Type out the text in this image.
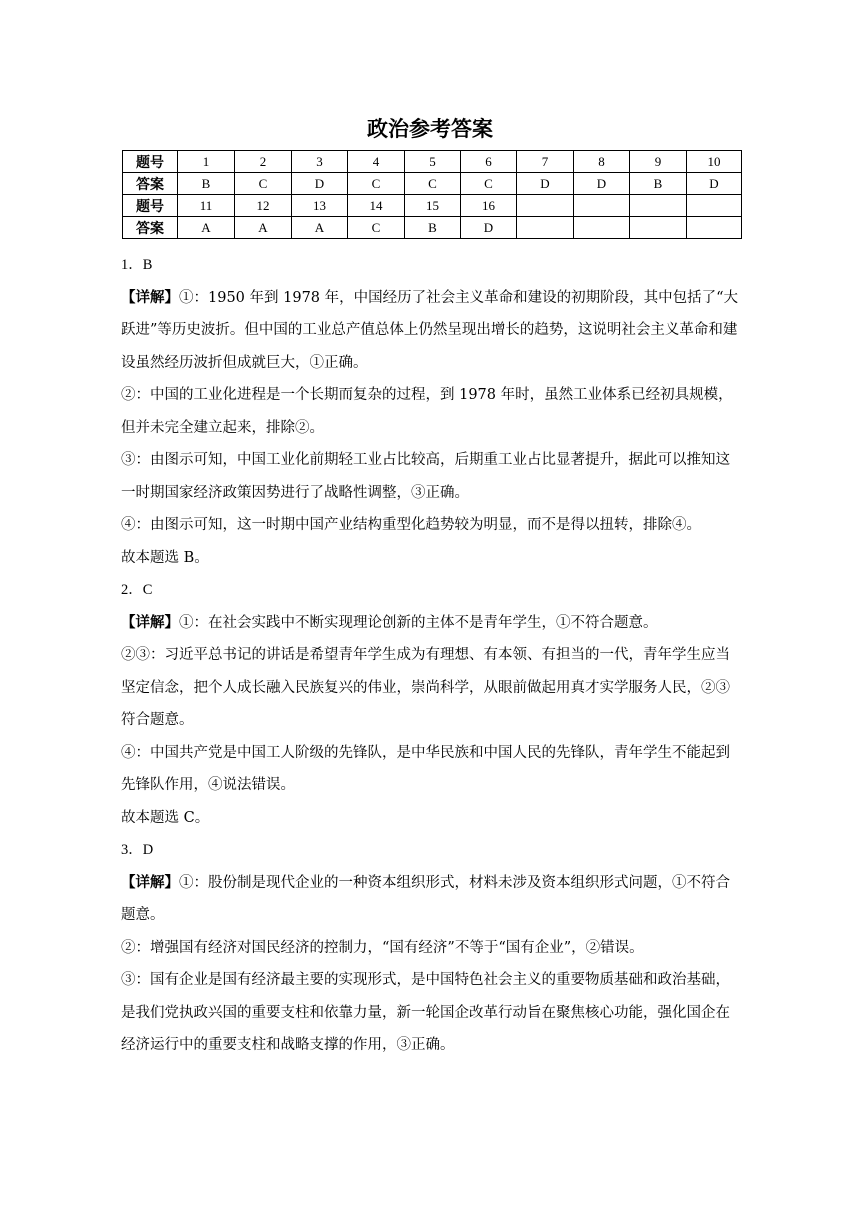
政治参考答案
题号	1	2	3	4	5	6	7	8	9	10
答案	B	C	D	C	C	C	D	D	B	D
题号	11	12	13	14	15	16				
答案	A	A	A	C	B	D				

1．B

【详解】①：1950 年到 1978 年，中国经历了社会主义革命和建设的初期阶段，其中包括了“大跃进”等历史波折。但中国的工业总产值总体上仍然呈现出增长的趋势，这说明社会主义革命和建设虽然经历波折但成就巨大，①正确。

②：中国的工业化进程是一个长期而复杂的过程，到 1978 年时，虽然工业体系已经初具规模，但并未完全建立起来，排除②。

③：由图示可知，中国工业化前期轻工业占比较高，后期重工业占比显著提升，据此可以推知这一时期国家经济政策因势进行了战略性调整，③正确。

④：由图示可知，这一时期中国产业结构重型化趋势较为明显，而不是得以扭转，排除④。

故本题选 B。

2．C

【详解】①：在社会实践中不断实现理论创新的主体不是青年学生，①不符合题意。

②③：习近平总书记的讲话是希望青年学生成为有理想、有本领、有担当的一代，青年学生应当坚定信念，把个人成长融入民族复兴的伟业，崇尚科学，从眼前做起用真才实学服务人民，②③符合题意。

④：中国共产党是中国工人阶级的先锋队，是中华民族和中国人民的先锋队，青年学生不能起到先锋队作用，④说法错误。

故本题选 C。

3．D

【详解】①：股份制是现代企业的一种资本组织形式，材料未涉及资本组织形式问题，①不符合题意。

②：增强国有经济对国民经济的控制力，“国有经济”不等于“国有企业”，②错误。

③：国有企业是国有经济最主要的实现形式，是中国特色社会主义的重要物质基础和政治基础，是我们党执政兴国的重要支柱和依靠力量，新一轮国企改革行动旨在聚焦核心功能，强化国企在经济运行中的重要支柱和战略支撑的作用，③正确。
